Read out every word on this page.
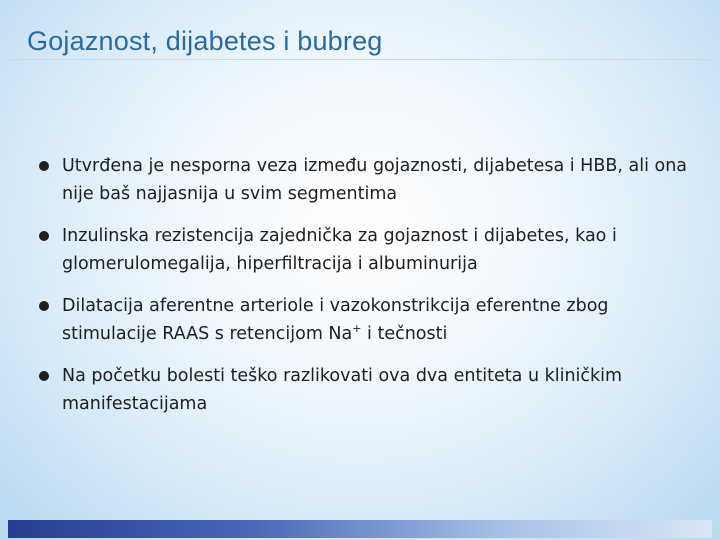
Gojaznost, dijabetes i bubreg
Utvrđena je nesporna veza između gojaznosti, dijabetesa i HBB, ali ona nije baš najjasnija u svim segmentima
Inzulinska rezistencija zajednička za gojaznost i dijabetes, kao i glomerulomegalija, hiperfiltracija i albuminurija
Dilatacija aferentne arteriole i vazokonstrikcija eferentne zbog stimulacije RAAS s retencijom Na+ i tečnosti
Na početku bolesti teško razlikovati ova dva entiteta u kliničkim manifestacijama
